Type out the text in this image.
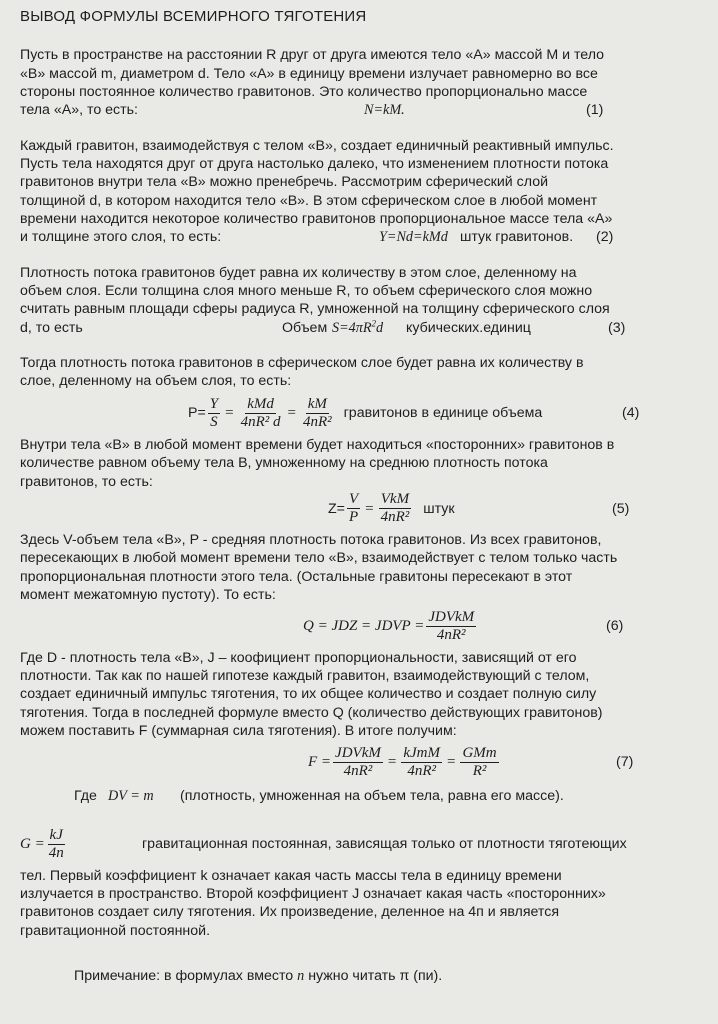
ВЫВОД ФОРМУЛЫ ВСЕМИРНОГО ТЯГОТЕНИЯ

Пусть в пространстве на расстоянии R друг от друга имеются тело «А» массой М и тело

«В» массой m, диаметром d. Тело «А» в единицу времени излучает равномерно во все

стороны постоянное количество гравитонов. Это количество пропорционально массе

тела «А», то есть:	N=kM.	(1)

Каждый гравитон, взаимодействуя с телом «В», создает единичный реактивный импульс.

Пусть тела находятся друг от друга настолько далеко, что изменением плотности потока

гравитонов внутри тела «В» можно пренебречь. Рассмотрим сферический слой

толщиной d, в котором находится тело «В». В этом сферическом слое в любой момент

времени находится некоторое количество гравитонов пропорциональное массе тела «А»

и толщине этого слоя, то есть:	Y=Nd=kMd штук гравитонов. (2)

Плотность потока гравитонов будет равна их количеству в этом слое, деленному на

объем слоя. Если толщина слоя много меньше R, то объем сферического слоя можно

считать равным площади сферы радиуса R, умноженной на толщину сферического слоя

d, то есть	Объем $S=4\pi R^2d$ кубических.единиц	(3)

Тогда плотность потока гравитонов в сферическом слое будет равна их количеству в

слое, деленному на объем слоя, то есть:

$P= \frac{Y}{S} = \frac{\text{kMd}}{\text{4nR² d}} = \frac{kM}{\text{4nR²}}$ гравитонов в единице объема	(4)

Внутри тела «В» в любой момент времени будет находиться «посторонних» гравитонов в

количестве равном объему тела В, умноженному на среднюю плотность потока

гравитонов, то есть:

$Z= \frac{V}{P} = \frac{\text{VkM}}{\text{4nR²}}$ штук	(5)

Здесь V-объем тела «В», P - средняя плотность потока гравитонов. Из всех гравитонов,

пересекающих в любой момент времени тело «В», взаимодействует с телом только часть

пропорциональная плотности этого тела. (Остальные гравитоны пересекают в этот

момент межатомную пустоту). То есть:

Q = JDZ = JDVP = $\frac{\text{JDVkM}}{\text{4nR²}}$	(6)

Где D - плотность тела «В», J – коофициент пропорциональности, зависящий от его

плотности. Так как по нашей гипотезе каждый гравитон, взаимодействующий с телом,

создает единичный импульс тяготения, то их общее количество и создает полную силу

тяготения. Тогда в последней формуле вместо Q (количество действующих гравитонов)

можем поставить F (суммарная сила тяготения). В итоге получим:

$F = \frac{\text{JDVkM}}{\text{4nR²}} = \frac{\text{kJmM}}{\text{4nR²}} = \frac{\text{GMm}}{\text{R²}}$	(7)
Где DV = m (плотность, умноженная на объем тела, равна его массе).
$G = \frac{kJ}{4n}$	гравитационная постоянная, зависящая только от плотности тяготеющих

тел. Первый коэффициент k означает какая часть массы тела в единицу времени

излучается в пространство. Второй коэффициент J означает какая часть «посторонних»

гравитонов создает силу тяготения. Их произведение, деленное на 4п и является

гравитационной постоянной.

Примечание: в формулах вместо n нужно читать π (пи).
